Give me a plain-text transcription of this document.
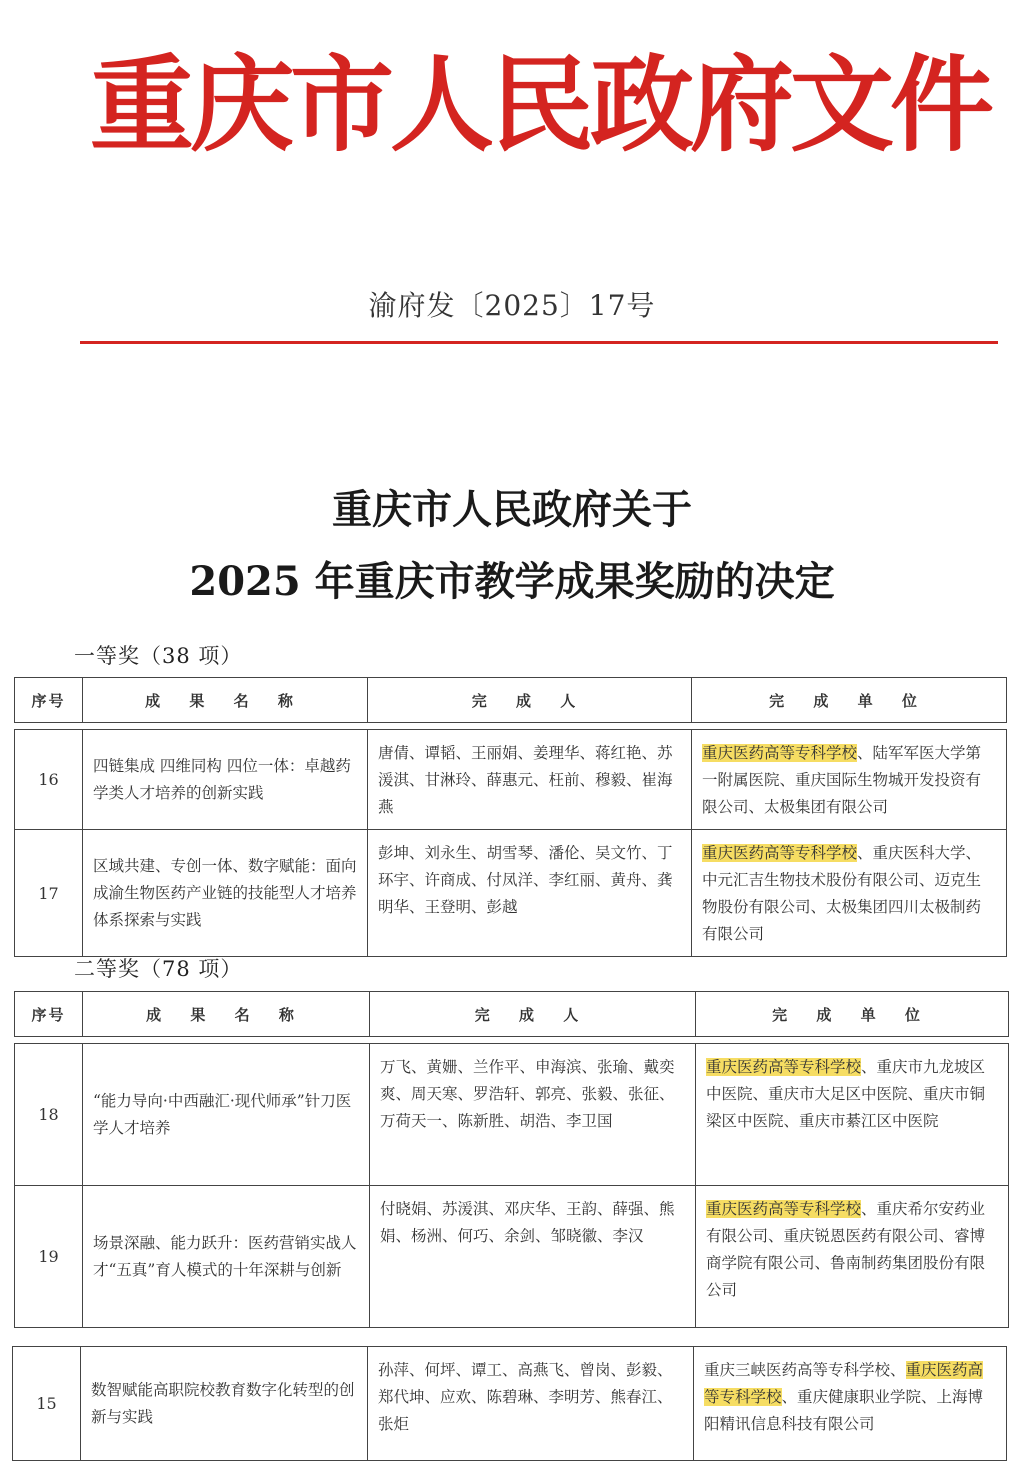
重庆市人民政府文件
渝府发〔2025〕17号
重庆市人民政府关于
2025 年重庆市教学成果奖励的决定
一等奖（38 项）
序号	成 果 名 称	完 成 人	完 成 单 位

16	四链集成 四维同构 四位一体：卓越药学类人才培养的创新实践	唐倩、谭韬、王丽娟、姜理华、蒋红艳、苏湲淇、甘淋玲、薛惠元、枉前、穆毅、崔海燕	重庆医药高等专科学校、陆军军医大学第一附属医院、重庆国际生物城开发投资有限公司、太极集团有限公司
17	区域共建、专创一体、数字赋能：面向成渝生物医药产业链的技能型人才培养体系探索与实践	彭坤、刘永生、胡雪琴、潘伦、吴文竹、丁环宇、许商成、付凤洋、李红丽、黄舟、龚明华、王登明、彭越	重庆医药高等专科学校、重庆医科大学、中元汇吉生物技术股份有限公司、迈克生物股份有限公司、太极集团四川太极制药有限公司
二等奖（78 项）
序号	成 果 名 称	完 成 人	完 成 单 位

18	“能力导向·中西融汇·现代师承”针刀医学人才培养	万飞、黄姗、兰作平、申海滨、张瑜、戴奕爽、周天寒、罗浩轩、郭亮、张毅、张征、万荷天一、陈新胜、胡浩、李卫国	重庆医药高等专科学校、重庆市九龙坡区中医院、重庆市大足区中医院、重庆市铜梁区中医院、重庆市綦江区中医院
19	场景深融、能力跃升：医药营销实战人才“五真”育人模式的十年深耕与创新	付晓娟、苏湲淇、邓庆华、王韵、薛强、熊娟、杨洲、何巧、余剑、邹晓徽、李汉	重庆医药高等专科学校、重庆希尔安药业有限公司、重庆锐恩医药有限公司、睿博商学院有限公司、鲁南制药集团股份有限公司
15	数智赋能高职院校教育数字化转型的创新与实践	孙萍、何坪、谭工、高燕飞、曾岗、彭毅、郑代坤、应欢、陈碧琳、李明芳、熊春江、张炬	重庆三峡医药高等专科学校、重庆医药高等专科学校、重庆健康职业学院、上海博阳精讯信息科技有限公司
